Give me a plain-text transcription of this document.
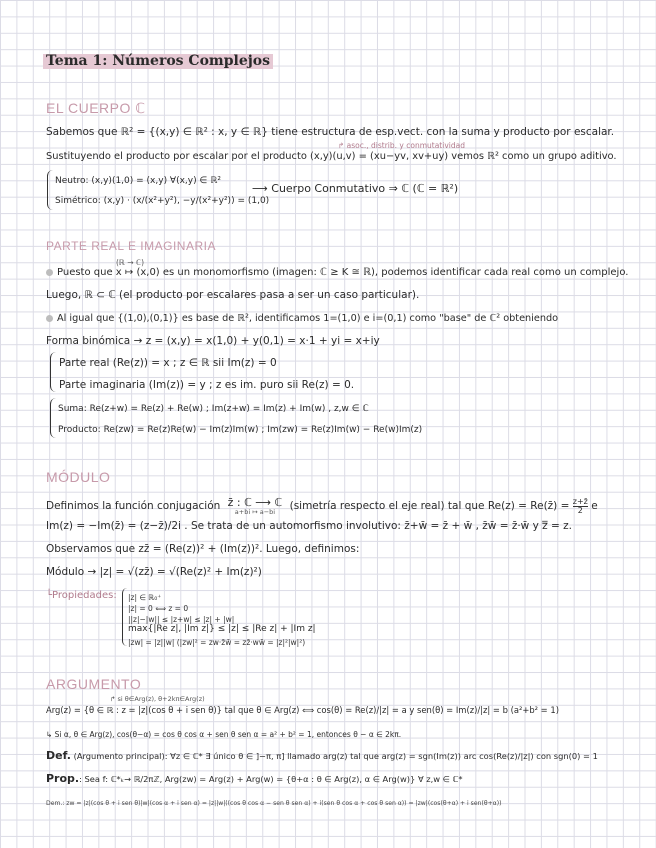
Tema 1: Números Complejos
EL CUERPO ℂ
↱ asoc., distrib. y conmutatividad
Sabemos que ℝ² = {(x,y) ∈ ℝ² : x, y ∈ ℝ} tiene estructura de esp.vect. con la suma y producto por escalar.
Sustituyendo el producto por escalar por el producto (x,y)(u,v) = (xu−yv, xv+uy) vemos ℝ² como un grupo aditivo.
Neutro: (x,y)(1,0) = (x,y) ∀(x,y) ∈ ℝ²
Simétrico: (x,y) · (x/(x²+y²), −y/(x²+y²)) = (1,0)
⟶ Cuerpo Conmutativo ⇒ ℂ (ℂ = ℝ²)
PARTE REAL E IMAGINARIA
(ℝ → ℂ)
Puesto que x ↦ (x,0) es un monomorfismo (imagen: ℂ ≥ K ≅ ℝ), podemos identificar cada real como un complejo.
Luego, ℝ ⊂ ℂ (el producto por escalares pasa a ser un caso particular).
Al igual que {(1,0),(0,1)} es base de ℝ², identificamos 1=(1,0) e i=(0,1) como "base" de ℂ² obteniendo
Forma binómica → z = (x,y) = x(1,0) + y(0,1) = x·1 + yi = x+iy
Parte real (Re(z)) = x ; z ∈ ℝ sii Im(z) = 0
Parte imaginaria (Im(z)) = y ; z es im. puro sii Re(z) = 0.
Suma: Re(z+w) = Re(z) + Re(w) ; Im(z+w) = Im(z) + Im(w) , z,w ∈ ℂ
Producto: Re(zw) = Re(z)Re(w) − Im(z)Im(w) ; Im(zw) = Re(z)Im(w) − Re(w)Im(z)
MÓDULO
Definimos la función conjugación z̄ : ℂ ⟶ ℂ
a+bi ↦ a−bi	(simetría respecto el eje real) tal que Re(z) = Re(z̄) = $\frac{z+z̄}{2}$ e
Im(z) = −Im(z̄) = (z−z̄)/2i . Se trata de un automorfismo involutivo: z̄+w̄ = z̄ + w̄ , z̄w̄ = z̄·w̄ y z̿ = z.
Observamos que zz̄ = (Re(z))² + (Im(z))². Luego, definimos:
Módulo → |z| = √(zz̄) = √(Re(z)² + Im(z)²)
└Propiedades: |z| ∈ ℝ₀⁺
|z| = 0 ⟺ z = 0
||z|−|w|| ≤ |z+w| ≤ |z| + |w|
max{|Re z|, |Im z|} ≤ |z| ≤ |Re z| + |Im z|
|zw| = |z||w| (|zw|² = zw·z̄w̄ = zz̄·ww̄ = |z|²|w|²)
ARGUMENTO
↱ si θ∈Arg(z), θ+2kπ∈Arg(z)
Arg(z) = {θ ∈ ℝ : z = |z|(cos θ + i sen θ)} tal que θ ∈ Arg(z) ⟺ cos(θ) = Re(z)/|z| = a y sen(θ) = Im(z)/|z| = b (a²+b² = 1)
↳ Si α, θ ∈ Arg(z), cos(θ−α) = cos θ cos α + sen θ sen α = a² + b² = 1, entonces θ − α ∈ 2kπ.
Def. (Argumento principal): ∀z ∈ ℂ* ∃ único θ ∈ ]−π, π] llamado arg(z) tal que arg(z) = sgn(Im(z)) arc cos(Re(z)/|z|) con sgn(0) = 1
Prop.: Sea f: ℂ*ₖ→ ℝ/2πℤ, Arg(zw) = Arg(z) + Arg(w) = {θ+α : θ ∈ Arg(z), α ∈ Arg(w)} ∀ z,w ∈ ℂ*
Dem.: zw = |z|(cos θ + i sen θ)|w|(cos α + i sen α) = |z||w|((cos θ cos α − sen θ sen α) + i(sen θ cos α + cos θ sen α)) = |zw|(cos(θ+α) + i sen(θ+α))
